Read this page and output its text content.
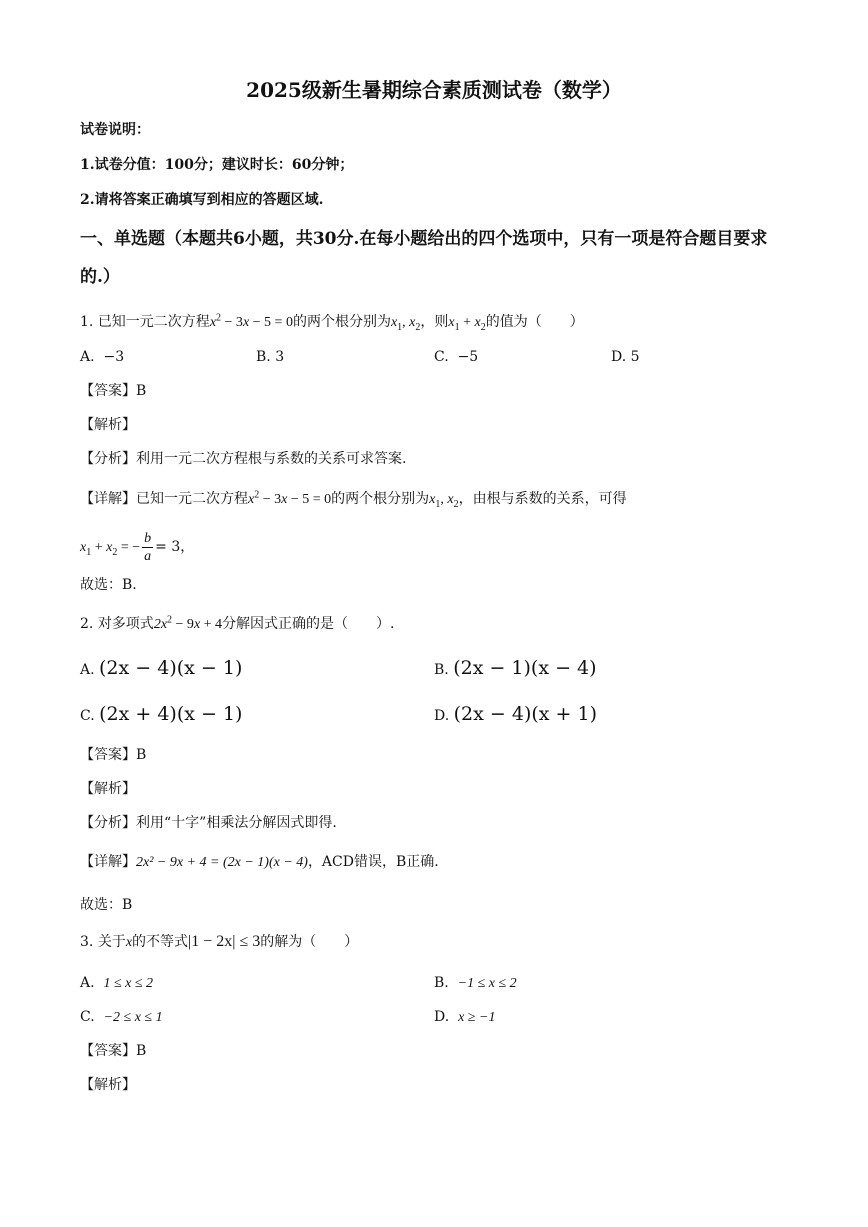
2025级新生暑期综合素质测试卷（数学）
试卷说明：
1.试卷分值：100分；建议时长：60分钟；
2.请将答案正确填写到相应的答题区域.
一、单选题（本题共6小题，共30分.在每小题给出的四个选项中，只有一项是符合题目要求
的.）
1. 已知一元二次方程$x^2 - 3x - 5 = 0$的两个根分别为$x_1$, $x_2$，则$x_1 + x_2$的值为（　　）
A. −3	B. 3	C. −5	D. 5
【答案】B
【解析】
【分析】利用一元二次方程根与系数的关系可求答案.
【详解】已知一元二次方程$x^2 - 3x - 5 = 0$的两个根分别为$x_1$, $x_2$，由根与系数的关系，可得
$x_1 + x_2$ = − $\frac{b}{a} = 3$，
故选：B.
2. 对多项式$2x^2 - 9x + 4$分解因式正确的是（　　）.
A. (2x − 4)(x − 1)	B. (2x − 1)(x − 4)
C. (2x + 4)(x − 1)	D. (2x − 4)(x + 1)
【答案】B
【解析】
【分析】利用“十字”相乘法分解因式即得.
【详解】2x² − 9x + 4 = (2x − 1)(x − 4)，ACD错误，B正确.
故选：B
3. 关于x的不等式|1 − 2x| ≤ 3的解为（　　）
A. 1 ≤ x ≤ 2	B. −1 ≤ x ≤ 2
C. −2 ≤ x ≤ 1	D. x ≥ −1
【答案】B
【解析】
